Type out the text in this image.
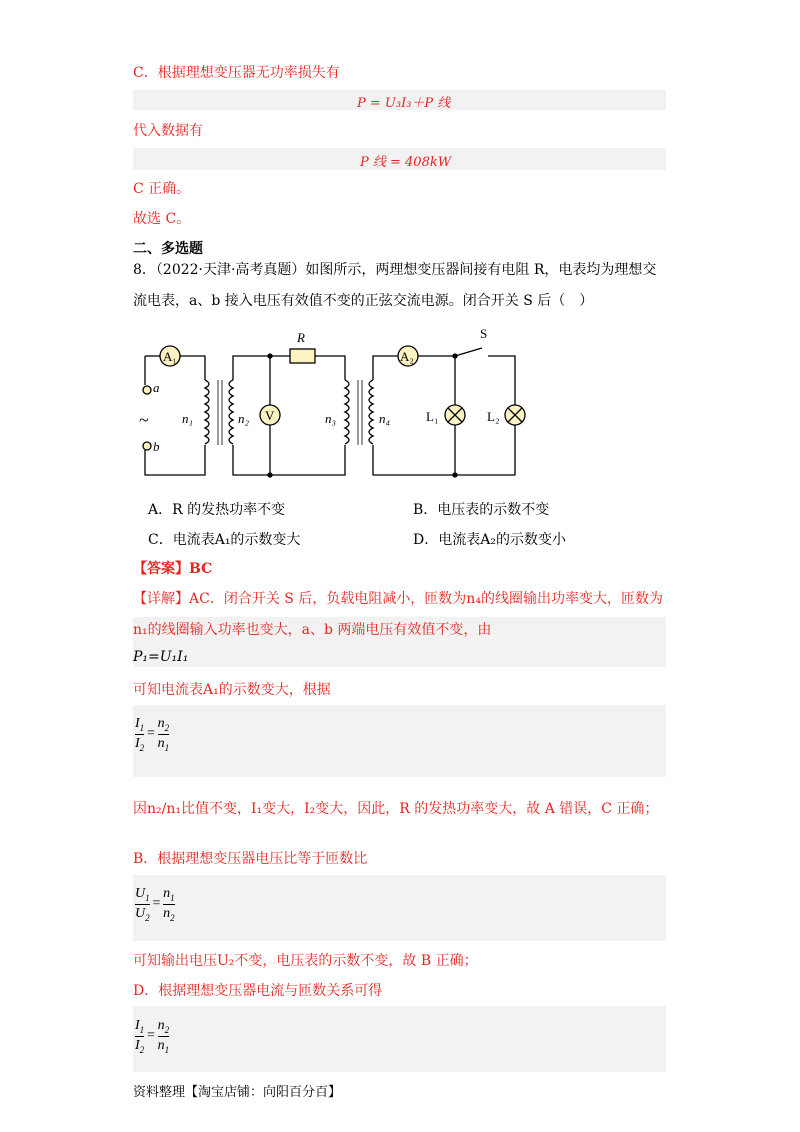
C．根据理想变压器无功率损失有
P = U₃I₃＋P 线
代入数据有
P 线 = 408kW
C 正确。
故选 C。
二、多选题
8．（2022·天津·高考真题）如图所示，两理想变压器间接有电阻 R，电表均为理想交
流电表，a、b 接入电压有效值不变的正弦交流电源。闭合开关 S 后（　）
A₁
a
~
b
n₁	n₂
R
V	n₃	n₄
A₂
S
L₁	L₂
A．R 的发热功率不变	B．电压表的示数不变
C．电流表A₁的示数变大	D．电流表A₂的示数变小
【答案】BC
【详解】AC．闭合开关 S 后，负载电阻减小，匝数为n₄的线圈输出功率变大，匝数为
n₁的线圈输入功率也变大，a、b 两端电压有效值不变，由
P₁=U₁I₁
可知电流表A₁的示数变大，根据
$I_1$
$I_2$
=
$n_2$
$n_1$
因n₂/n₁比值不变，I₁变大，I₂变大，因此，R 的发热功率变大，故 A 错误，C 正确；
B．根据理想变压器电压比等于匝数比
$U_1$
$U_2$
=
$n_1$
$n_2$
可知输出电压U₂不变，电压表的示数不变，故 B 正确；
D．根据理想变压器电流与匝数关系可得
$I_1$
$I_2$
=
$n_2$
$n_1$
资料整理【淘宝店铺：向阳百分百】
